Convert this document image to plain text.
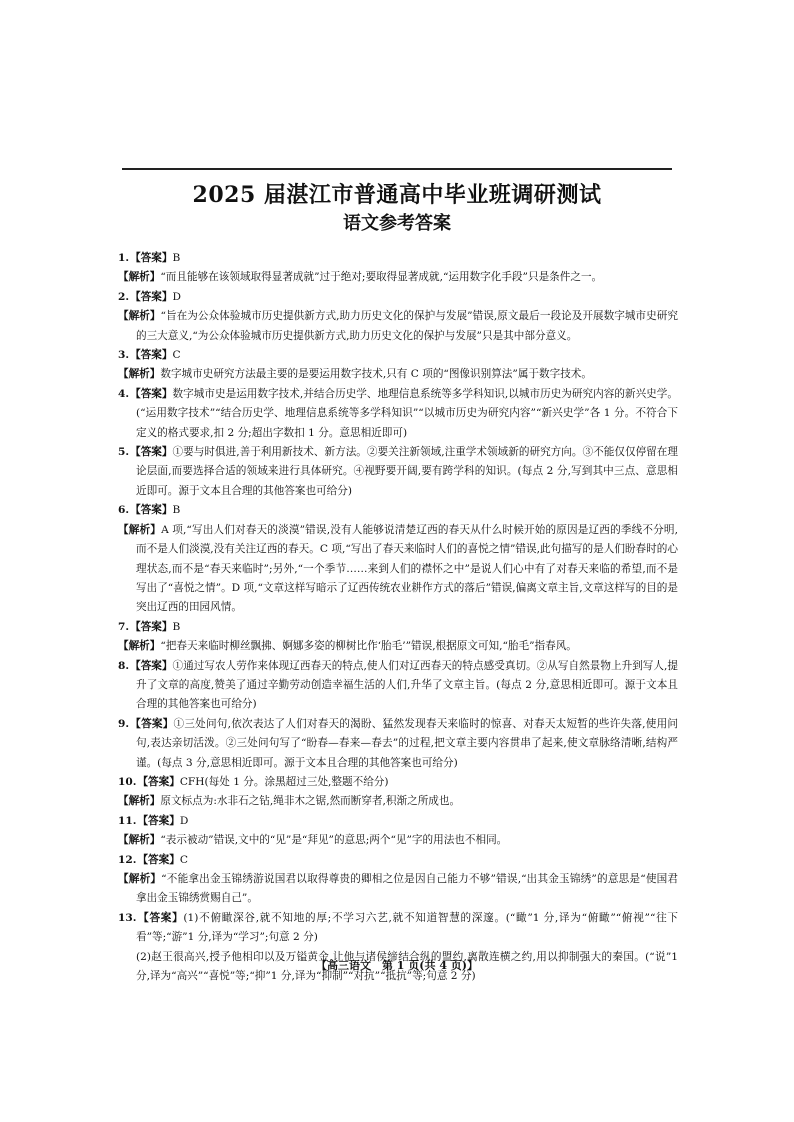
2025 届湛江市普通高中毕业班调研测试
语文参考答案
1.【答案】B
【解析】“而且能够在该领域取得显著成就”过于绝对;要取得显著成就,“运用数字化手段”只是条件之一。
2.【答案】D
【解析】“旨在为公众体验城市历史提供新方式,助力历史文化的保护与发展”错误,原文最后一段论及开展数字城市史研究的三大意义,“为公众体验城市历史提供新方式,助力历史文化的保护与发展”只是其中部分意义。
3.【答案】C
【解析】数字城市史研究方法最主要的是要运用数字技术,只有 C 项的“图像识别算法”属于数字技术。
4.【答案】数字城市史是运用数字技术,并结合历史学、地理信息系统等多学科知识,以城市历史为研究内容的新兴史学。(“运用数字技术”“结合历史学、地理信息系统等多学科知识”“以城市历史为研究内容”“新兴史学”各 1 分。不符合下定义的格式要求,扣 2 分;超出字数扣 1 分。意思相近即可)
5.【答案】①要与时俱进,善于利用新技术、新方法。②要关注新领域,注重学术领域新的研究方向。③不能仅仅停留在理论层面,而要选择合适的领域来进行具体研究。④视野要开阔,要有跨学科的知识。(每点 2 分,写到其中三点、意思相近即可。源于文本且合理的其他答案也可给分)
6.【答案】B
【解析】A 项,“写出人们对春天的淡漠”错误,没有人能够说清楚辽西的春天从什么时候开始的原因是辽西的季线不分明,而不是人们淡漠,没有关注辽西的春天。C 项,“写出了春天来临时人们的喜悦之情”错误,此句描写的是人们盼春时的心理状态,而不是“春天来临时”;另外,“一个季节……来到人们的襟怀之中”是说人们心中有了对春天来临的希望,而不是写出了“喜悦之情”。D 项,“文章这样写暗示了辽西传统农业耕作方式的落后”错误,偏离文章主旨,文章这样写的目的是突出辽西的田园风情。
7.【答案】B
【解析】“把春天来临时柳丝飘拂、婀娜多姿的柳树比作‘胎毛’”错误,根据原文可知,“胎毛”指春风。
8.【答案】①通过写农人劳作来体现辽西春天的特点,使人们对辽西春天的特点感受真切。②从写自然景物上升到写人,提升了文章的高度,赞美了通过辛勤劳动创造幸福生活的人们,升华了文章主旨。(每点 2 分,意思相近即可。源于文本且合理的其他答案也可给分)
9.【答案】①三处问句,依次表达了人们对春天的渴盼、猛然发现春天来临时的惊喜、对春天太短暂的些许失落,使用问句,表达亲切活泼。②三处问句写了“盼春—春来—春去”的过程,把文章主要内容贯串了起来,使文章脉络清晰,结构严谨。(每点 3 分,意思相近即可。源于文本且合理的其他答案也可给分)
10.【答案】CFH(每处 1 分。涂黑超过三处,整题不给分)
【解析】原文标点为:水非石之钻,绳非木之锯,然而断穿者,积渐之所成也。
11.【答案】D
【解析】“表示被动”错误,文中的“见”是“拜见”的意思;两个“见”字的用法也不相同。
12.【答案】C
【解析】“不能拿出金玉锦绣游说国君以取得尊贵的卿相之位是因自己能力不够”错误,“出其金玉锦绣”的意思是“使国君拿出金玉锦绣赏赐自己”。
13.【答案】(1)不俯瞰深谷,就不知地的厚;不学习六艺,就不知道智慧的深邃。(“瞰”1 分,译为“俯瞰”“俯视”“往下看”等;“游”1 分,译为“学习”;句意 2 分)
(2)赵王很高兴,授予他相印以及万镒黄金,让他与诸侯缔结合纵的盟约,离散连横之约,用以抑制强大的秦国。(“说”1 分,译为“高兴”“喜悦”等;“抑”1 分,译为“抑制”“对抗”“抵抗”等;句意 2 分)
【高三语文　第 1 页(共 4 页)】
